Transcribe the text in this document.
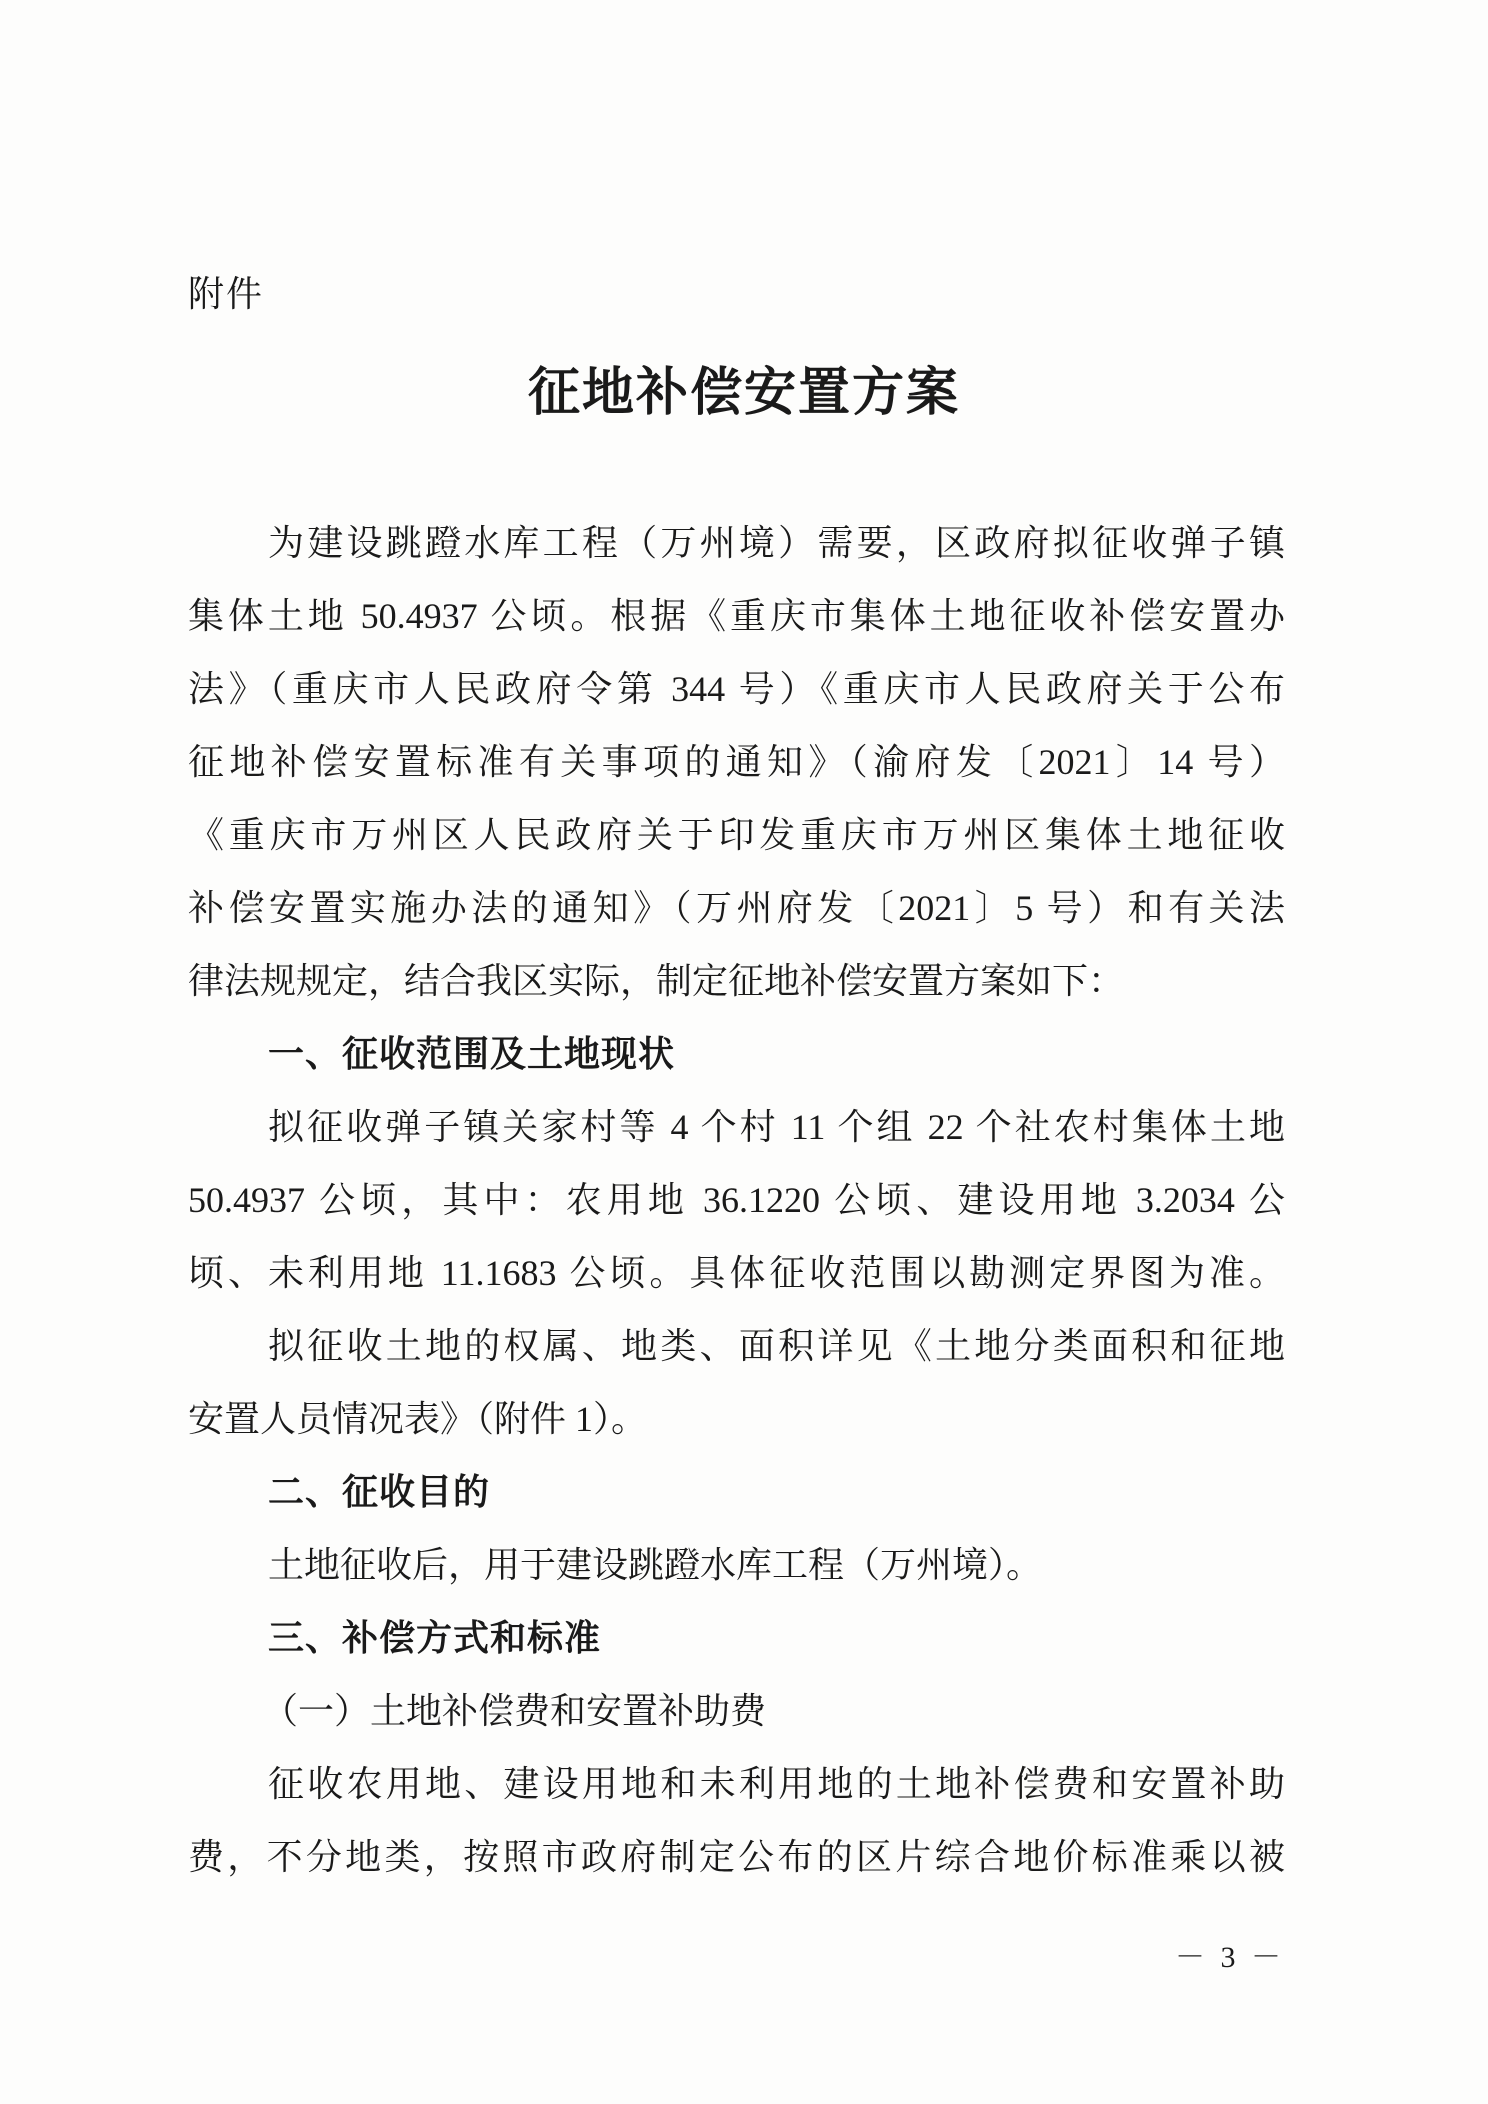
附件
征地补偿安置方案
为建设跳蹬水库工程（万州境）需要，区政府拟征收弹子镇
集体土地 50.4937 公顷。根据《重庆市集体土地征收补偿安置办
法》（重庆市人民政府令第 344 号）《重庆市人民政府关于公布
征地补偿安置标准有关事项的通知》（渝府发〔2021〕14 号）
《重庆市万州区人民政府关于印发重庆市万州区集体土地征收
补偿安置实施办法的通知》（万州府发〔2021〕5 号）和有关法
律法规规定，结合我区实际，制定征地补偿安置方案如下：
一、征收范围及土地现状
拟征收弹子镇关家村等 4 个村 11 个组 22 个社农村集体土地
50.4937 公顷，其中：农用地 36.1220 公顷、建设用地 3.2034 公
顷、未利用地 11.1683 公顷。具体征收范围以勘测定界图为准。
拟征收土地的权属、地类、面积详见《土地分类面积和征地
安置人员情况表》（附件 1）。
二、征收目的
土地征收后，用于建设跳蹬水库工程（万州境）。
三、补偿方式和标准
（一）土地补偿费和安置补助费
征收农用地、建设用地和未利用地的土地补偿费和安置补助
费，不分地类，按照市政府制定公布的区片综合地价标准乘以被
－ 3 －
